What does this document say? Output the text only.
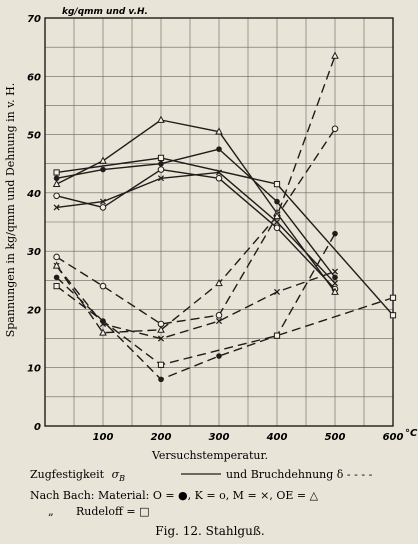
0
10
20
30
40
50
60
70
100	200	300	400	500	600 °C
Spannungen in kg/qmm und Dehnung in v. H.
kg/qmm und v.H.
Versuchstemperatur.
Zugfestigkeit $\sigma_B$	und Bruchdehnung δ - - - -
Nach Bach: Material: O = ●, K = o, M = ×, OE = △
„ Rudeloff = □
Fig. 12. Stahlguß.
